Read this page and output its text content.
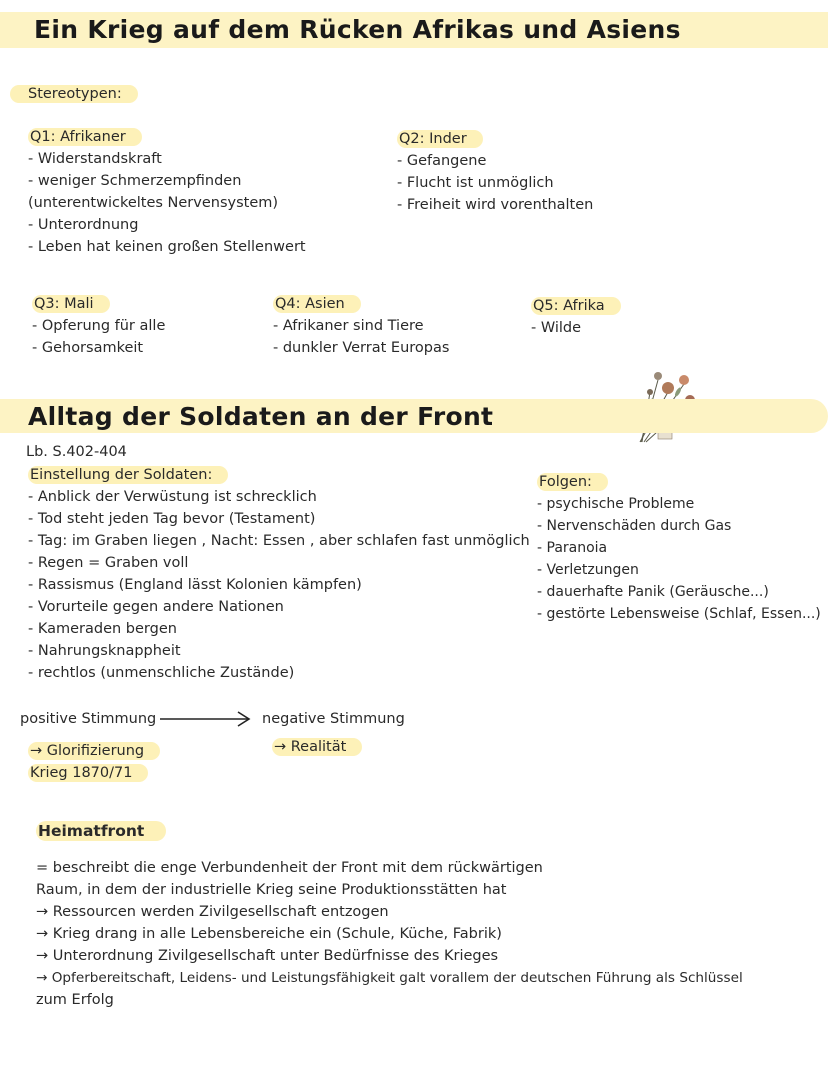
Ein Krieg auf dem Rücken Afrikas und Asiens
Stereotypen:
Q1: Afrikaner
- Widerstandskraft
- weniger Schmerzempfinden
(unterentwickeltes Nervensystem)
- Unterordnung
- Leben hat keinen großen Stellenwert
Q2: Inder
- Gefangene
- Flucht ist unmöglich
- Freiheit wird vorenthalten
Q3: Mali
- Opferung für alle
- Gehorsamkeit
Q4: Asien
- Afrikaner sind Tiere
- dunkler Verrat Europas
Q5: Afrika
- Wilde
Alltag der Soldaten an der Front
Lb. S.402-404
Einstellung der Soldaten:
- Anblick der Verwüstung ist schrecklich
- Tod steht jeden Tag bevor (Testament)
- Tag: im Graben liegen , Nacht: Essen , aber schlafen fast unmöglich
- Regen = Graben voll
- Rassismus (England lässt Kolonien kämpfen)
- Vorurteile gegen andere Nationen
- Kameraden bergen
- Nahrungsknappheit
- rechtlos (unmenschliche Zustände)
Folgen:
- psychische Probleme
- Nervenschäden durch Gas
- Paranoia
- Verletzungen
- dauerhafte Panik (Geräusche...)
- gestörte Lebensweise (Schlaf, Essen...)
positive Stimmung	negative Stimmung
→ Glorifizierung
Krieg 1870/71
→ Realität
Heimatfront
= beschreibt die enge Verbundenheit der Front mit dem rückwärtigen
Raum, in dem der industrielle Krieg seine Produktionsstätten hat
→ Ressourcen werden Zivilgesellschaft entzogen
→ Krieg drang in alle Lebensbereiche ein (Schule, Küche, Fabrik)
→ Unterordnung Zivilgesellschaft unter Bedürfnisse des Krieges
→ Opferbereitschaft, Leidens- und Leistungsfähigkeit galt vorallem der deutschen Führung als Schlüssel
zum Erfolg
